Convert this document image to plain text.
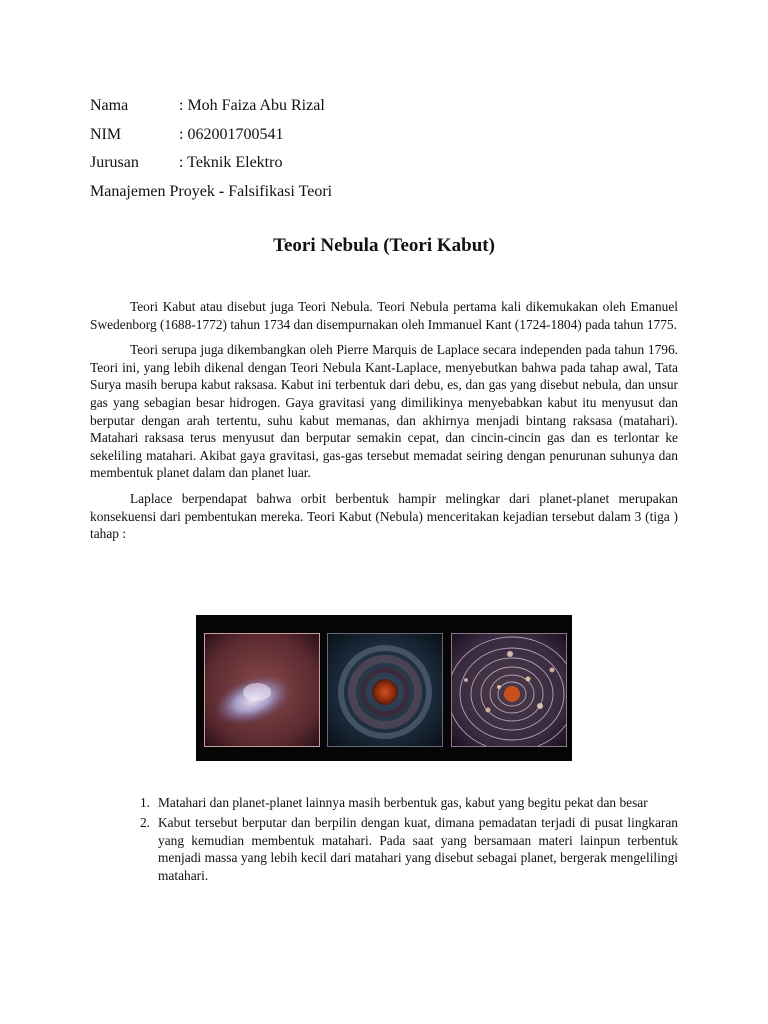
Nama	: Moh Faiza Abu Rizal
NIM	: 062001700541
Jurusan	: Teknik Elektro
Manajemen Proyek - Falsifikasi Teori
Teori Nebula (Teori Kabut)

Teori Kabut atau disebut juga Teori Nebula. Teori Nebula pertama kali dikemukakan oleh Emanuel Swedenborg (1688-1772) tahun 1734 dan disempurnakan oleh Immanuel Kant (1724-1804) pada tahun 1775.

Teori serupa juga dikembangkan oleh Pierre Marquis de Laplace secara independen pada tahun 1796. Teori ini, yang lebih dikenal dengan Teori Nebula Kant-Laplace, menyebutkan bahwa pada tahap awal, Tata Surya masih berupa kabut raksasa. Kabut ini terbentuk dari debu, es, dan gas yang disebut nebula, dan unsur gas yang sebagian besar hidrogen. Gaya gravitasi yang dimilikinya menyebabkan kabut itu menyusut dan berputar dengan arah tertentu, suhu kabut memanas, dan akhirnya menjadi bintang raksasa (matahari). Matahari raksasa terus menyusut dan berputar semakin cepat, dan cincin-cincin gas dan es terlontar ke sekeliling matahari. Akibat gaya gravitasi, gas-gas tersebut memadat seiring dengan penurunan suhunya dan membentuk planet dalam dan planet luar.

Laplace berpendapat bahwa orbit berbentuk hampir melingkar dari planet-planet merupakan konsekuensi dari pembentukan mereka. Teori Kabut (Nebula) menceritakan kejadian tersebut dalam 3 (tiga ) tahap :

1. Matahari dan planet-planet lainnya masih berbentuk gas, kabut yang begitu pekat dan besar
2. Kabut tersebut berputar dan berpilin dengan kuat, dimana pemadatan terjadi di pusat lingkaran yang kemudian membentuk matahari. Pada saat yang bersamaan materi lainpun terbentuk menjadi massa yang lebih kecil dari matahari yang disebut sebagai planet, bergerak mengelilingi matahari.
